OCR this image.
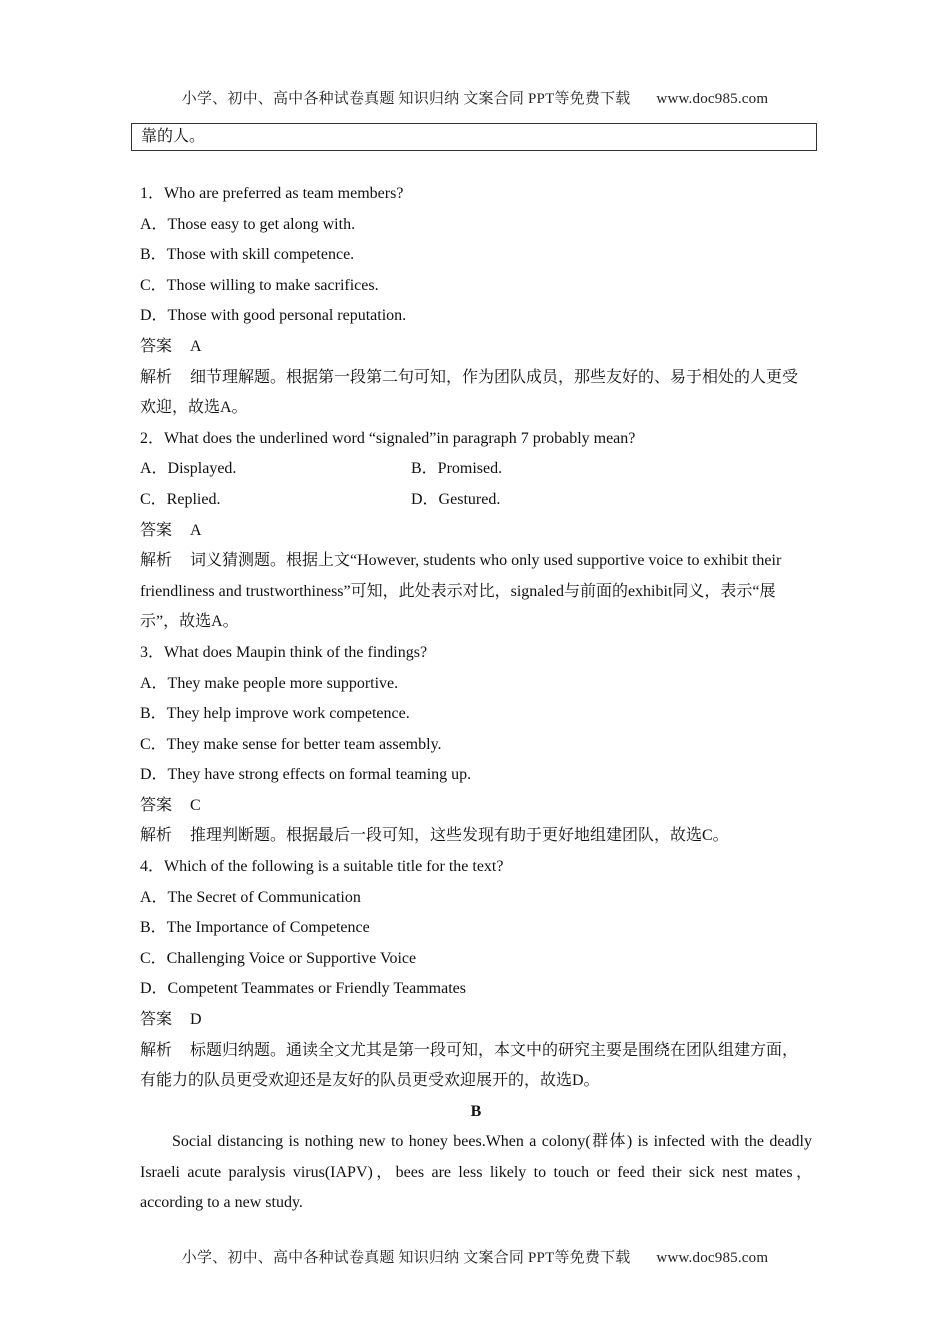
小学、初中、高中各种试卷真题 知识归纳 文案合同 PPT等免费下载 www.doc985.com
靠的人。
1．Who are preferred as team members?
A．Those easy to get along with.
B．Those with skill competence.
C．Those willing to make sacrifices.
D．Those with good personal reputation.
答案 A
解析 细节理解题。根据第一段第二句可知，作为团队成员，那些友好的、易于相处的人更受欢迎，故选A。
2．What does the underlined word “signaled”in paragraph 7 probably mean?
A．Displayed.	B．Promised.
C．Replied.	D．Gestured.
答案 A
解析 词义猜测题。根据上文“However, students who only used supportive voice to exhibit their friendliness and trustworthiness”可知，此处表示对比，signaled与前面的exhibit同义，表示“展示”，故选A。
3．What does Maupin think of the findings?
A．They make people more supportive.
B．They help improve work competence.
C．They make sense for better team assembly.
D．They have strong effects on formal teaming up.
答案 C
解析 推理判断题。根据最后一段可知，这些发现有助于更好地组建团队，故选C。
4．Which of the following is a suitable title for the text?
A．The Secret of Communication
B．The Importance of Competence
C．Challenging Voice or Supportive Voice
D．Competent Teammates or Friendly Teammates
答案 D
解析 标题归纳题。通读全文尤其是第一段可知，本文中的研究主要是围绕在团队组建方面，有能力的队员更受欢迎还是友好的队员更受欢迎展开的，故选D。
B
Social distancing is nothing new to honey bees.When a colony(群体) is infected with the deadly Israeli acute paralysis virus(IAPV)，bees are less likely to touch or feed their sick nest mates，according to a new study.
小学、初中、高中各种试卷真题 知识归纳 文案合同 PPT等免费下载 www.doc985.com
